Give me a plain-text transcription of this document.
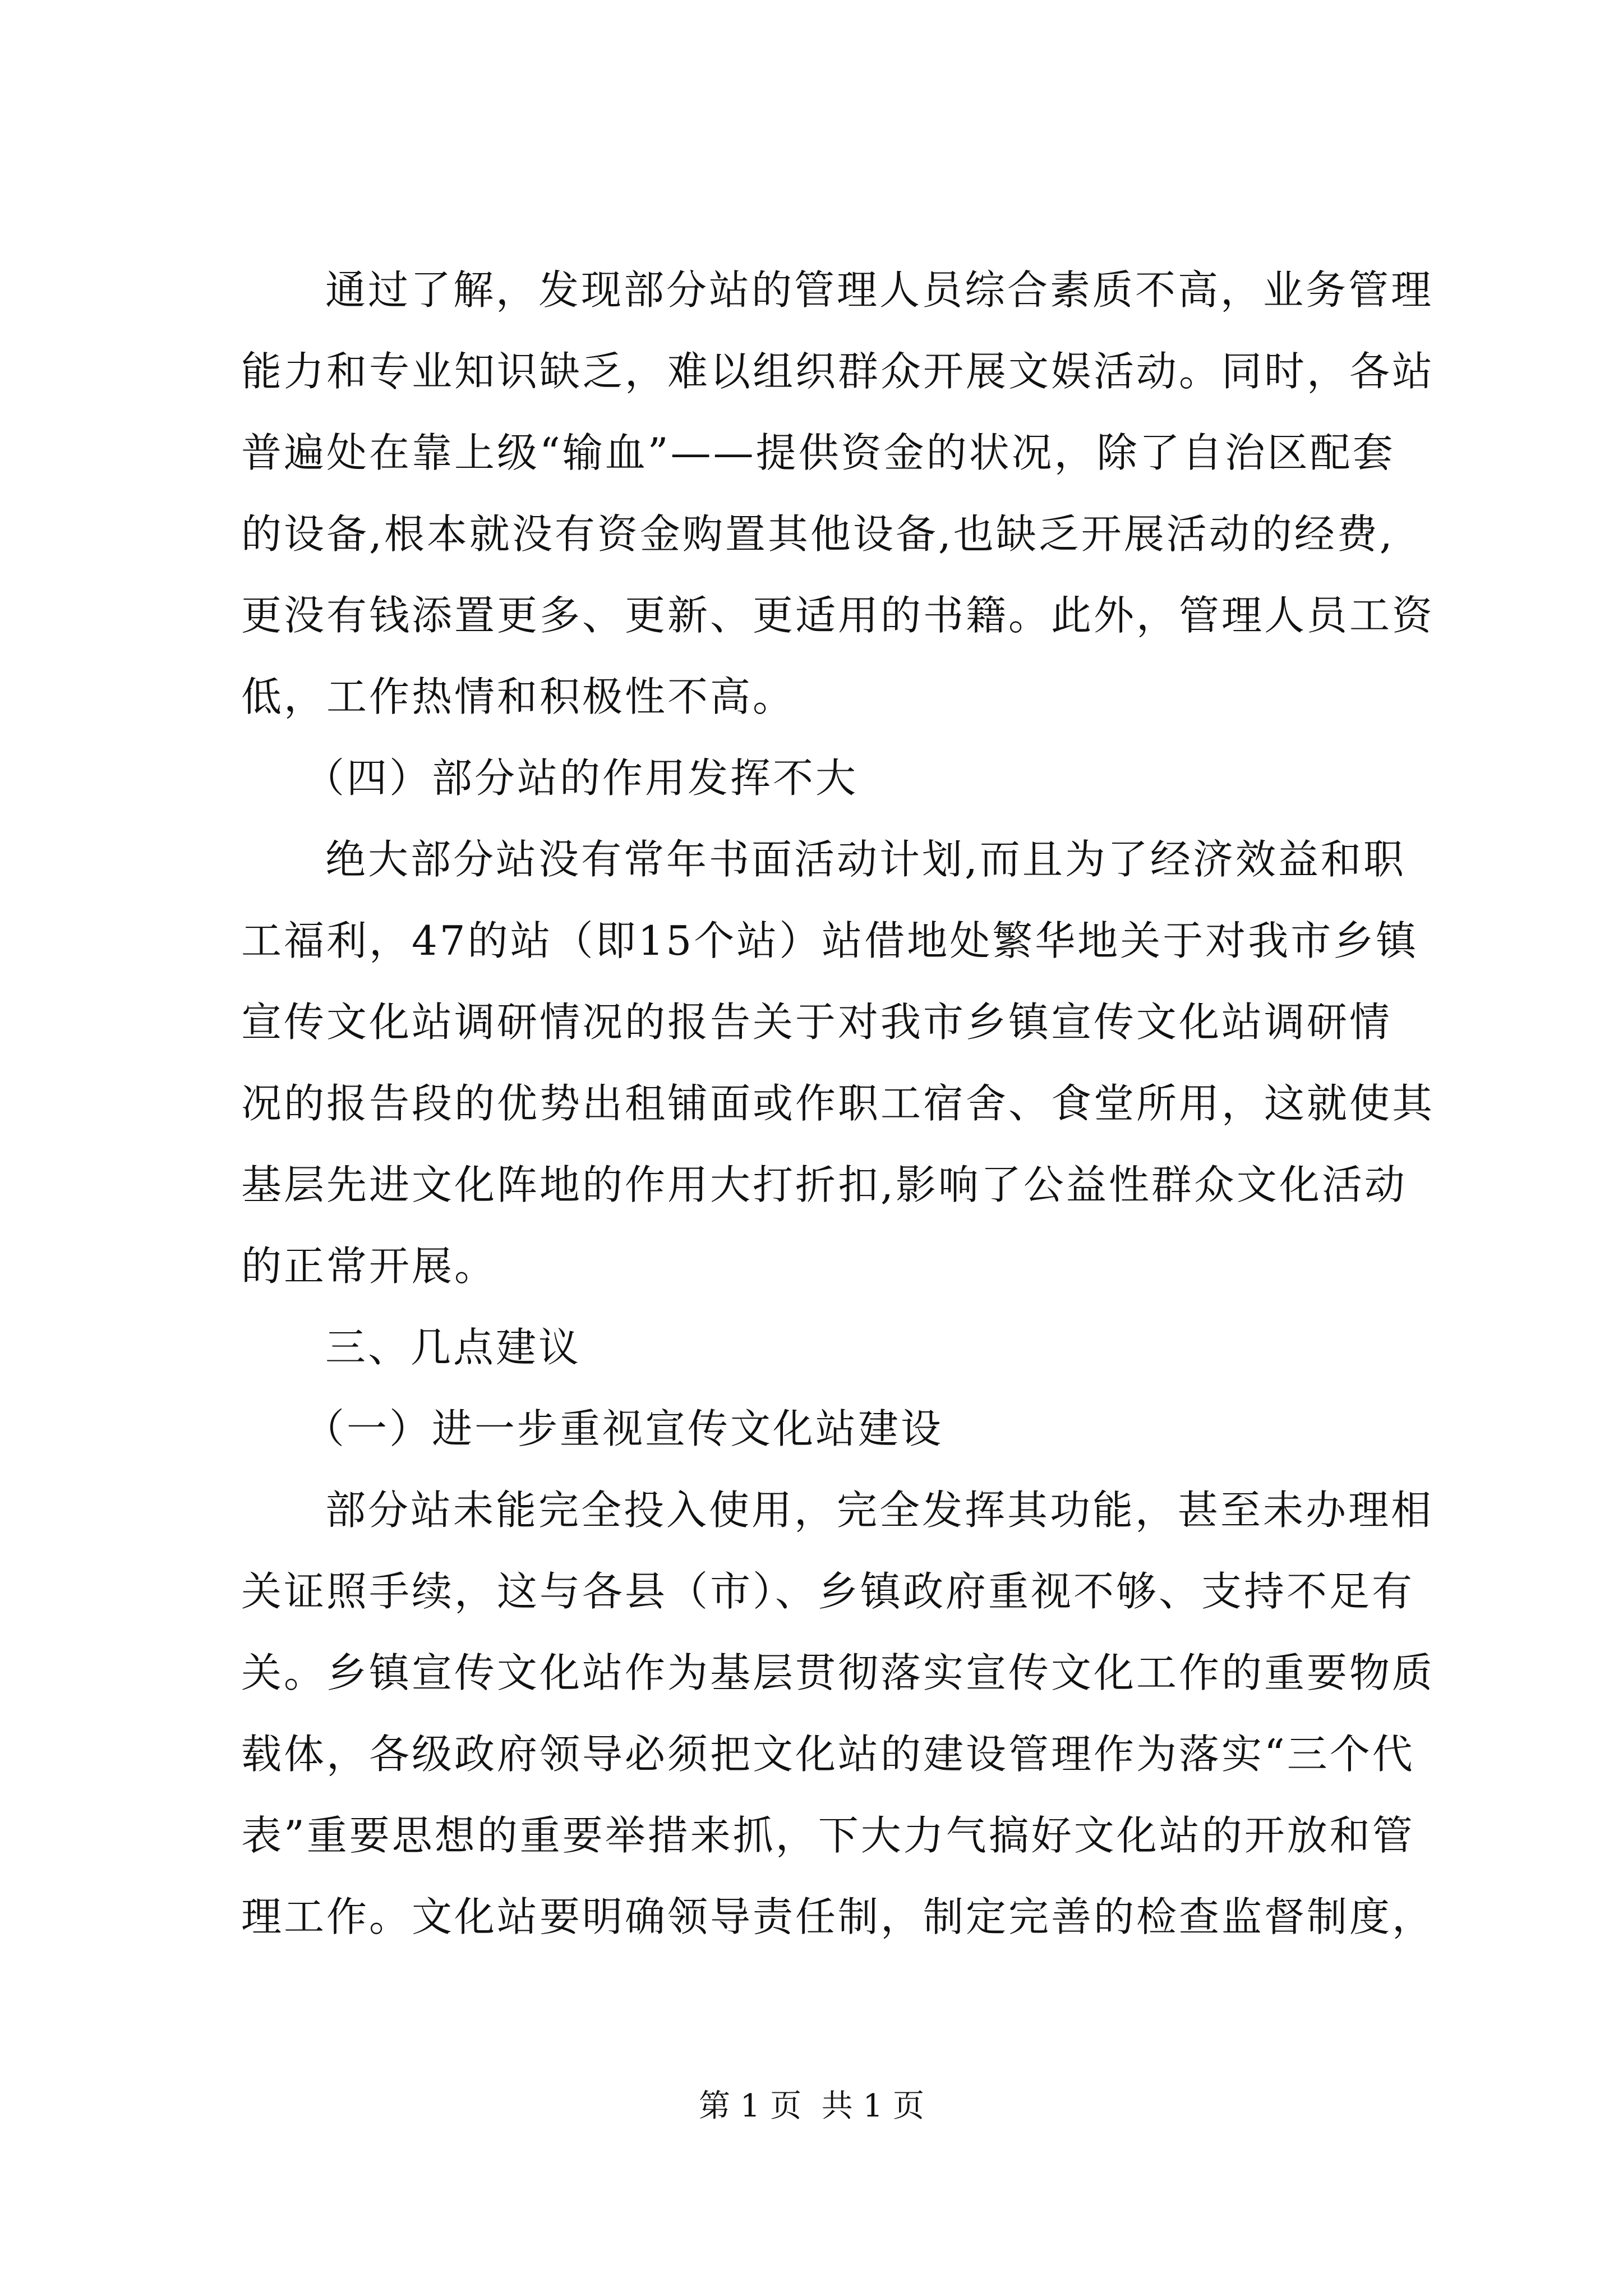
通过了解，发现部分站的管理人员综合素质不高，业务管理
能力和专业知识缺乏，难以组织群众开展文娱活动。同时，各站
普遍处在靠上级“输血”——提供资金的状况，除了自治区配套
的设备,根本就没有资金购置其他设备,也缺乏开展活动的经费,
更没有钱添置更多、更新、更适用的书籍。此外，管理人员工资
低，工作热情和积极性不高。
（四）部分站的作用发挥不大
绝大部分站没有常年书面活动计划,而且为了经济效益和职
工福利，47的站（即15个站）站借地处繁华地关于对我市乡镇
宣传文化站调研情况的报告关于对我市乡镇宣传文化站调研情
况的报告段的优势出租铺面或作职工宿舍、食堂所用，这就使其
基层先进文化阵地的作用大打折扣,影响了公益性群众文化活动
的正常开展。
三、几点建议
（一）进一步重视宣传文化站建设
部分站未能完全投入使用，完全发挥其功能，甚至未办理相
关证照手续，这与各县（市）、乡镇政府重视不够、支持不足有
关。乡镇宣传文化站作为基层贯彻落实宣传文化工作的重要物质
载体，各级政府领导必须把文化站的建设管理作为落实“三个代
表”重要思想的重要举措来抓，下大力气搞好文化站的开放和管
理工作。文化站要明确领导责任制，制定完善的检查监督制度，
第 1 页  共 1 页
